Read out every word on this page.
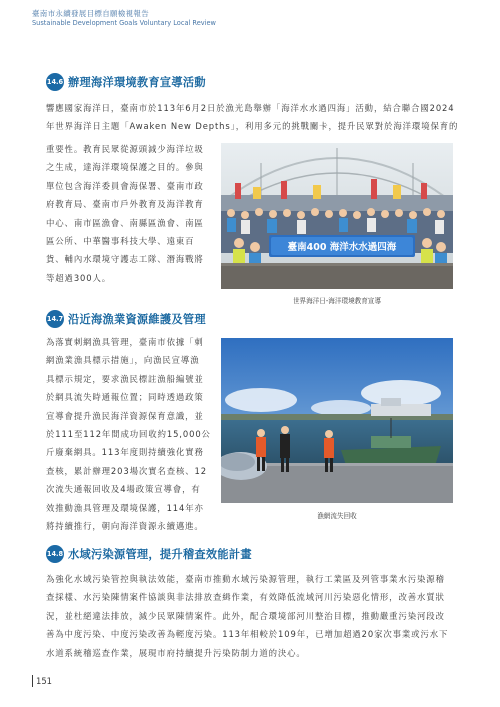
臺南市永續發展目標自願檢視報告
Sustainable Development Goals Voluntary Local Review
14.6 辦理海洋環境教育宣導活動
響應國家海洋日，臺南市於113年6月2日於漁光島舉辦「海洋水水過四海」活動，結合聯合國2024
年世界海洋日主題「Awaken New Depths」，利用多元的挑戰關卡，提升民眾對於海洋環境保育的
重要性。教育民眾從源頭減少海洋垃圾
之生成，達海洋環境保護之目的。參與
單位包含海洋委員會海保署、臺南市政
府教育局、臺南市戶外教育及海洋教育
中心、南市區漁會、南縣區漁會、南區
區公所、中華醫事科技大學、遠東百
貨、輔內水環境守護志工隊、潛海戰將
等超過300人。
臺南400 海洋水水過四海
世界海洋日-海洋環境教育宣導
14.7 沿近海漁業資源維護及管理
為落實刺網漁具管理，臺南市依據「刺
網漁業漁具標示措施」，向漁民宣導漁
具標示規定，要求漁民標註漁船編號並
於網具流失時通報位置；同時透過政策
宣導會提升漁民海洋資源保育意識，並
於111至112年間成功回收約15,000公
斤廢棄網具。113年度則持續強化實務
查核，累計辦理203場次實名查核、12
次流失通報回收及4場政策宣導會，有
效推動漁具管理及環境保護，114年亦
將持續推行，朝向海洋資源永續邁進。
漁網流失回收
14.8 水域污染源管理，提升稽查效能計畫
為強化水域污染管控與執法效能，臺南市推動水域污染源管理，執行工業區及列管事業水污染源稽
查採樣、水污染陳情案件協談與非法排放查緝作業，有效降低流域河川污染惡化情形，改善水質狀
況，並杜絕違法排放，減少民眾陳情案件。此外，配合環境部河川整治目標，推動嚴重污染河段改
善為中度污染、中度污染改善為輕度污染。113年相較於109年，已增加超過20家次事業或污水下
水道系統稽巡查作業，展現市府持續提升污染防制力道的決心。
151
